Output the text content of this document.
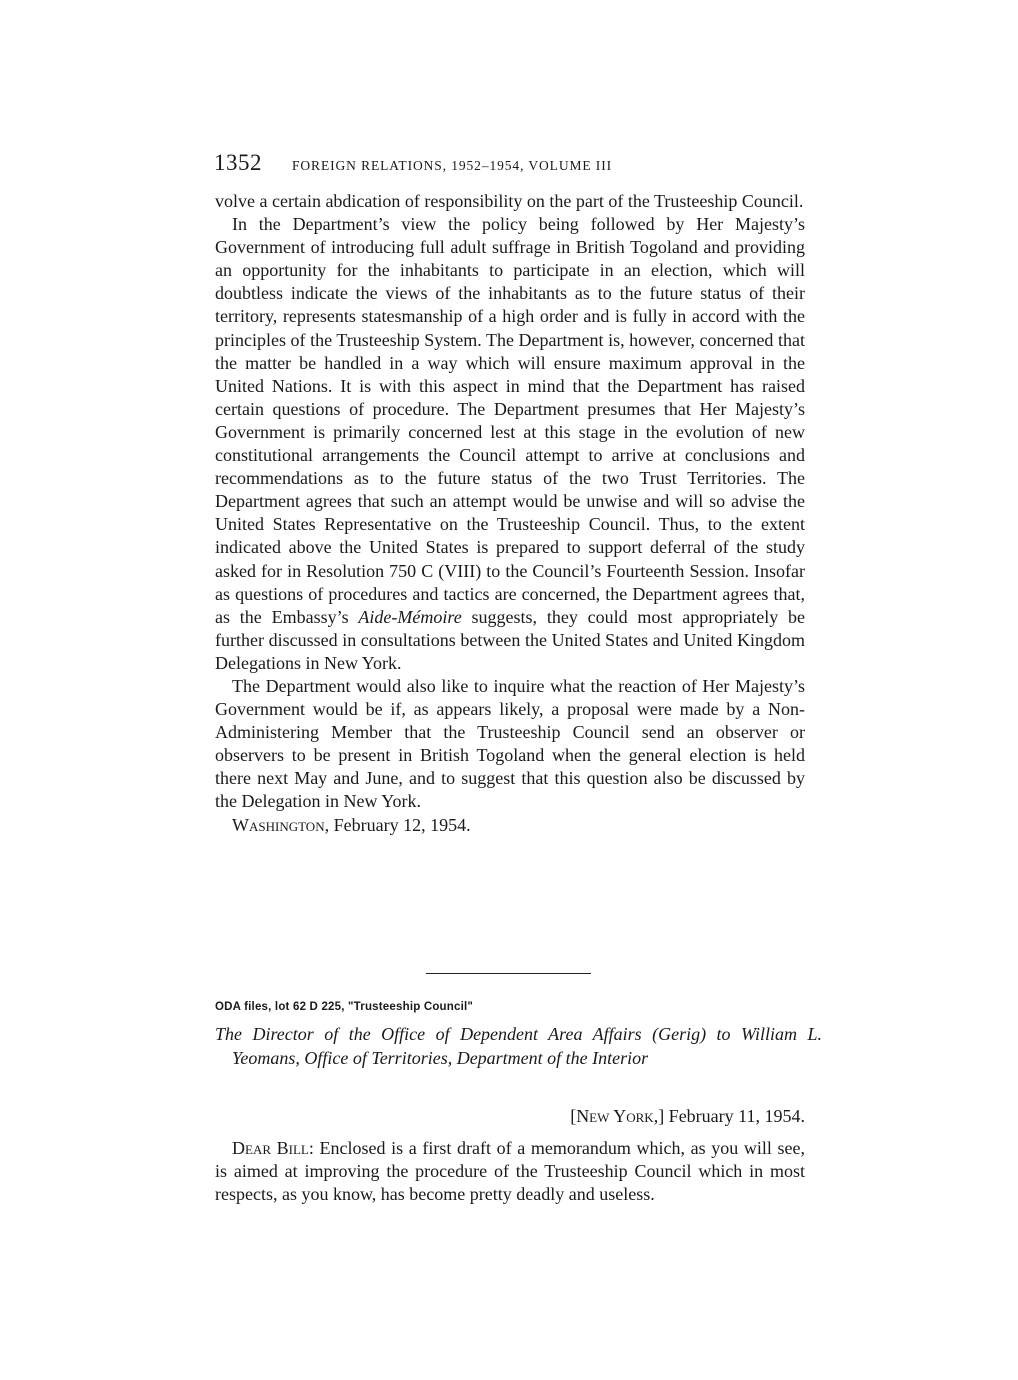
1352 FOREIGN RELATIONS, 1952–1954, VOLUME III

volve a certain abdication of responsibility on the part of the Trusteeship Council.

In the Department’s view the policy being followed by Her Majesty’s Government of introducing full adult suffrage in British Togoland and providing an opportunity for the inhabitants to participate in an election, which will doubtless indicate the views of the inhabitants as to the future status of their territory, represents statesmanship of a high order and is fully in accord with the principles of the Trusteeship System. The Department is, however, concerned that the matter be handled in a way which will ensure maximum approval in the United Nations. It is with this aspect in mind that the Department has raised certain questions of procedure. The Department presumes that Her Majesty’s Government is primarily concerned lest at this stage in the evolution of new constitutional arrangements the Council attempt to arrive at conclusions and recommendations as to the future status of the two Trust Territories. The Department agrees that such an attempt would be unwise and will so advise the United States Representative on the Trusteeship Council. Thus, to the extent indicated above the United States is prepared to support deferral of the study asked for in Resolution 750 C (VIII) to the Council’s Fourteenth Session. Insofar as questions of procedures and tactics are concerned, the Department agrees that, as the Embassy’s Aide-Mémoire suggests, they could most appropriately be further discussed in consultations between the United States and United Kingdom Delegations in New York.

The Department would also like to inquire what the reaction of Her Majesty’s Government would be if, as appears likely, a proposal were made by a Non-Administering Member that the Trusteeship Council send an observer or observers to be present in British Togoland when the general election is held there next May and June, and to suggest that this question also be discussed by the Delegation in New York.

Washington, February 12, 1954.

ODA files, lot 62 D 225, "Trusteeship Council"
The Director of the Office of Dependent Area Affairs (Gerig) to William L. Yeomans, Office of Territories, Department of the Interior
[New York,] February 11, 1954.
Dear Bill: Enclosed is a first draft of a memorandum which, as you will see, is aimed at improving the procedure of the Trusteeship Council which in most respects, as you know, has become pretty deadly and useless.
